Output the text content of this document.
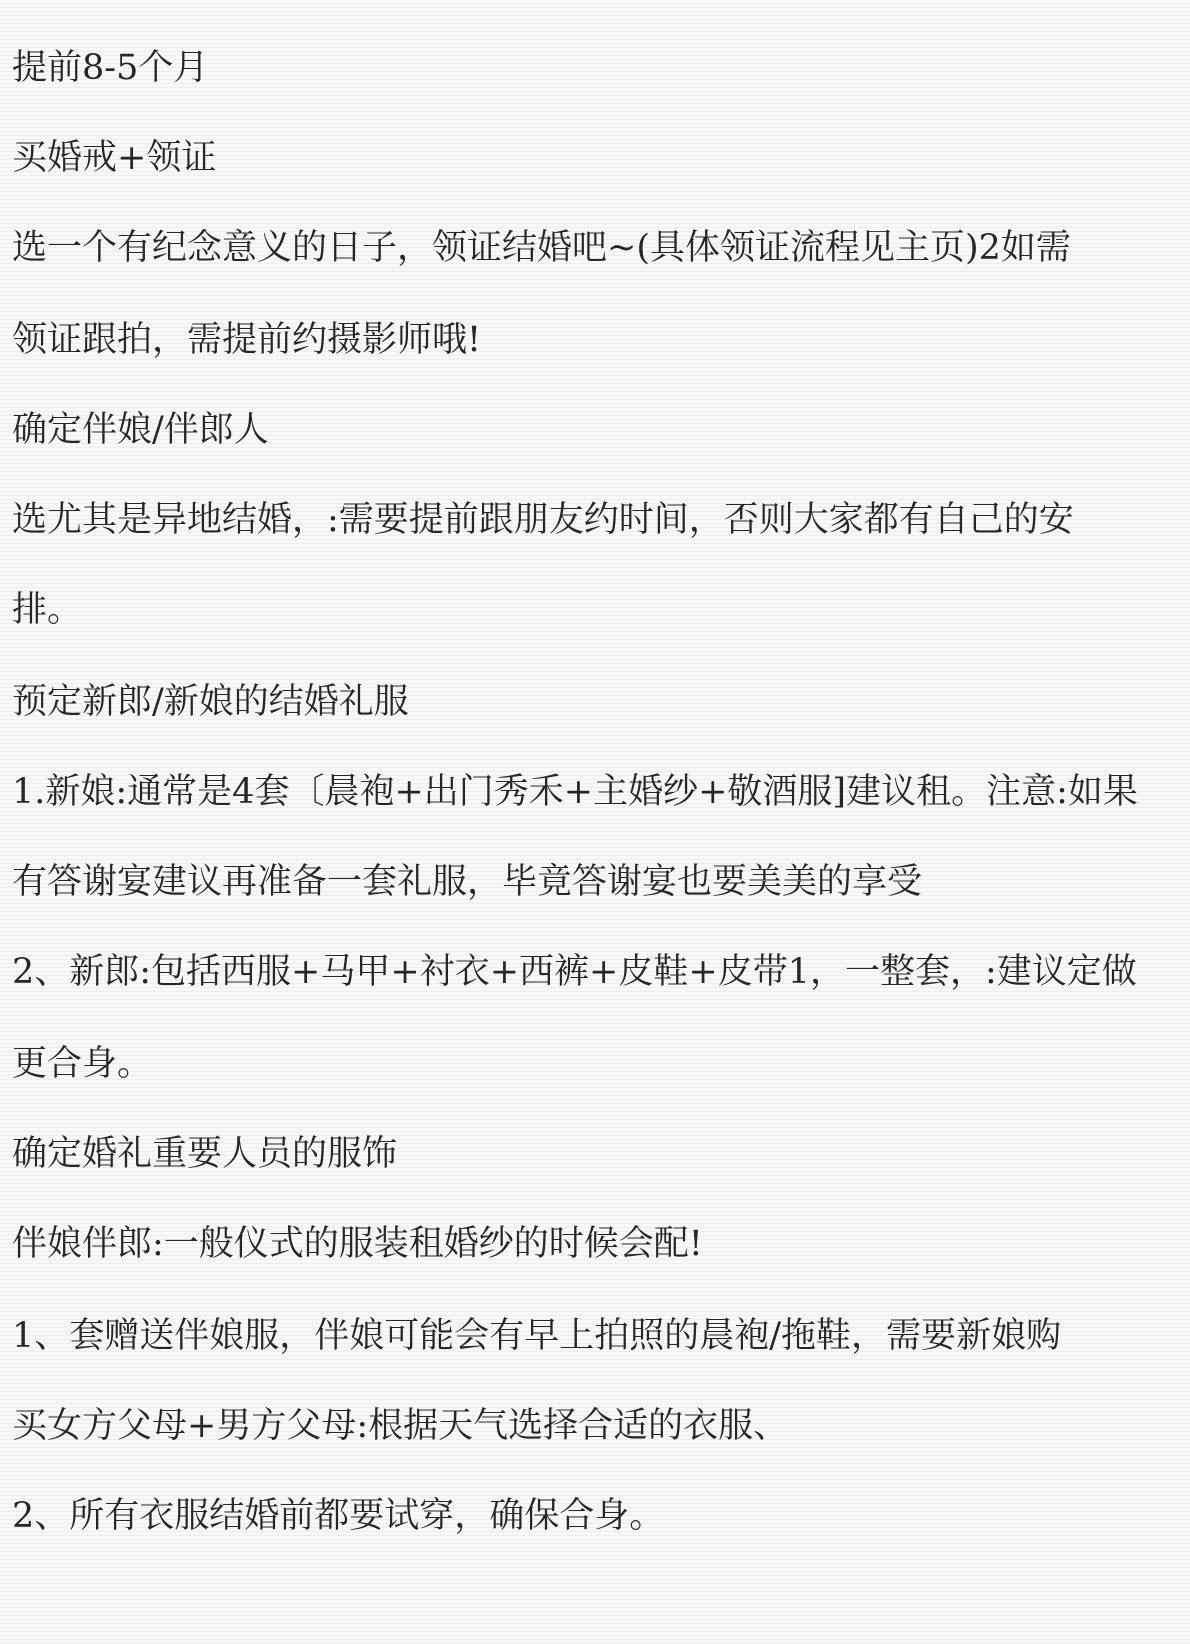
提前8-5个月

买婚戒+领证

选一个有纪念意义的日子，领证结婚吧~(具体领证流程见主页)2如需

领证跟拍，需提前约摄影师哦!

确定伴娘/伴郎人

选尤其是异地结婚，:需要提前跟朋友约时间，否则大家都有自己的安

排。

预定新郎/新娘的结婚礼服

1.新娘:通常是4套〔晨袍+出门秀禾+主婚纱+敬酒服]建议租。注意:如果

有答谢宴建议再准备一套礼服，毕竟答谢宴也要美美的享受

2、新郎:包括西服+马甲+衬衣+西裤+皮鞋+皮带1，一整套，:建议定做

更合身。

确定婚礼重要人员的服饰

伴娘伴郎:一般仪式的服装租婚纱的时候会配!

1、套赠送伴娘服，伴娘可能会有早上拍照的晨袍/拖鞋，需要新娘购

买女方父母+男方父母:根据天气选择合适的衣服、

2、所有衣服结婚前都要试穿，确保合身。
